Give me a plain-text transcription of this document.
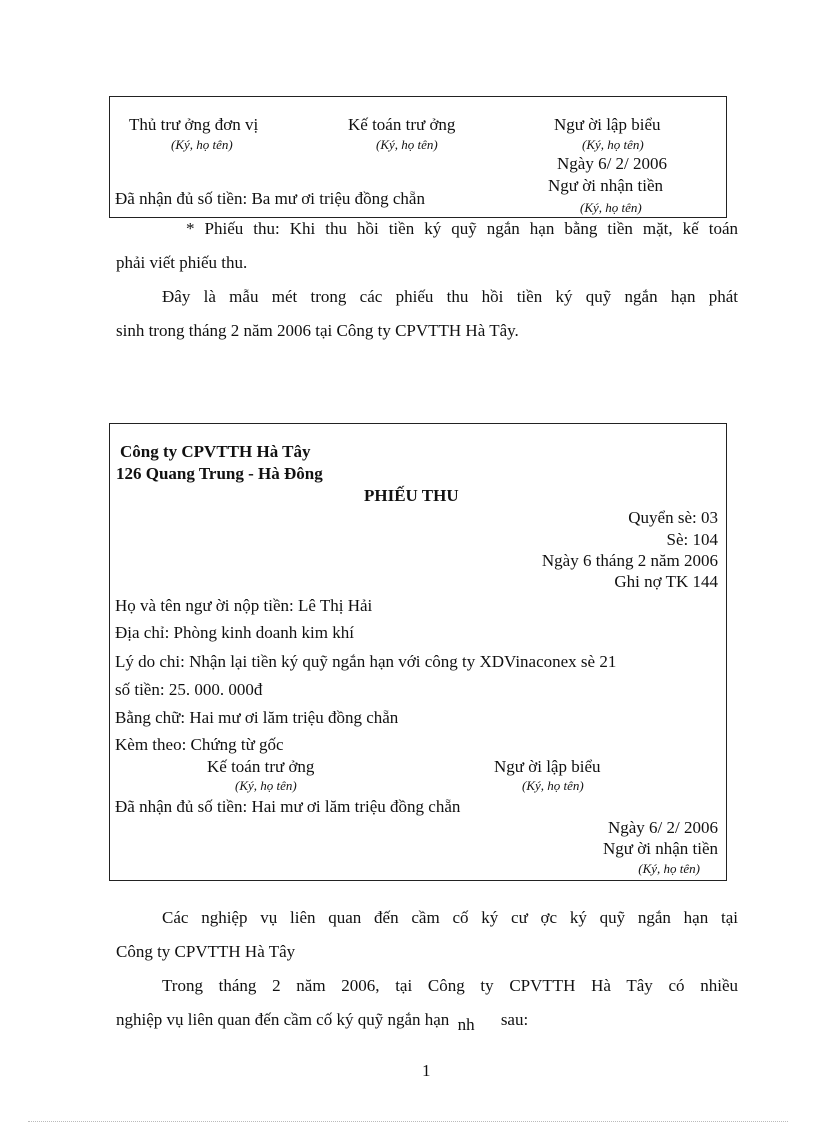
Thủ trư ởng đơn vị
(Ký, họ tên)
Kế toán trư ởng
(Ký, họ tên)
Ngư ời lập biểu
(Ký, họ tên)
Ngày 6/ 2/ 2006
Ngư ời nhận tiền
Đã nhận đủ số tiền: Ba mư ơi triệu đồng chẵn	(Ký, họ tên)
* Phiếu thu: Khi thu hồi tiền ký quỹ ngắn hạn bằng tiền mặt, kế toán
phải viết phiếu thu.
Đây là mẫu mét trong các phiếu thu hồi tiền ký quỹ ngắn hạn phát
sinh trong tháng 2 năm 2006 tại Công ty CPVTTH Hà Tây.
Công ty CPVTTH Hà Tây
126 Quang Trung - Hà Đông
PHIẾU THU
Quyển sè: 03
Sè: 104
Ngày 6 tháng 2 năm 2006
Ghi nợ TK 144
Họ và tên ngư ời nộp tiền: Lê Thị Hải
Địa chỉ: Phòng kinh doanh kim khí
Lý do chi: Nhận lại tiền ký quỹ ngắn hạn với công ty XDVinaconex sè 21
số tiền: 25. 000. 000đ
Bằng chữ: Hai mư ơi lăm triệu đồng chẵn
Kèm theo: Chứng từ gốc
Kế toán trư ởng
(Ký, họ tên)
Ngư ời lập biểu
(Ký, họ tên)
Đã nhận đủ số tiền: Hai mư ơi lăm triệu đồng chẵn
Ngày 6/ 2/ 2006
Ngư ời nhận tiền
(Ký, họ tên)
Các nghiệp vụ liên quan đến cầm cố ký cư ợc ký quỹ ngắn hạn tại
Công ty CPVTTH Hà Tây
Trong tháng 2 năm 2006, tại Công ty CPVTTH Hà Tây có nhiều
nghiệp vụ liên quan đến cầm cố ký quỹ ngắn hạn nh sau:
1
